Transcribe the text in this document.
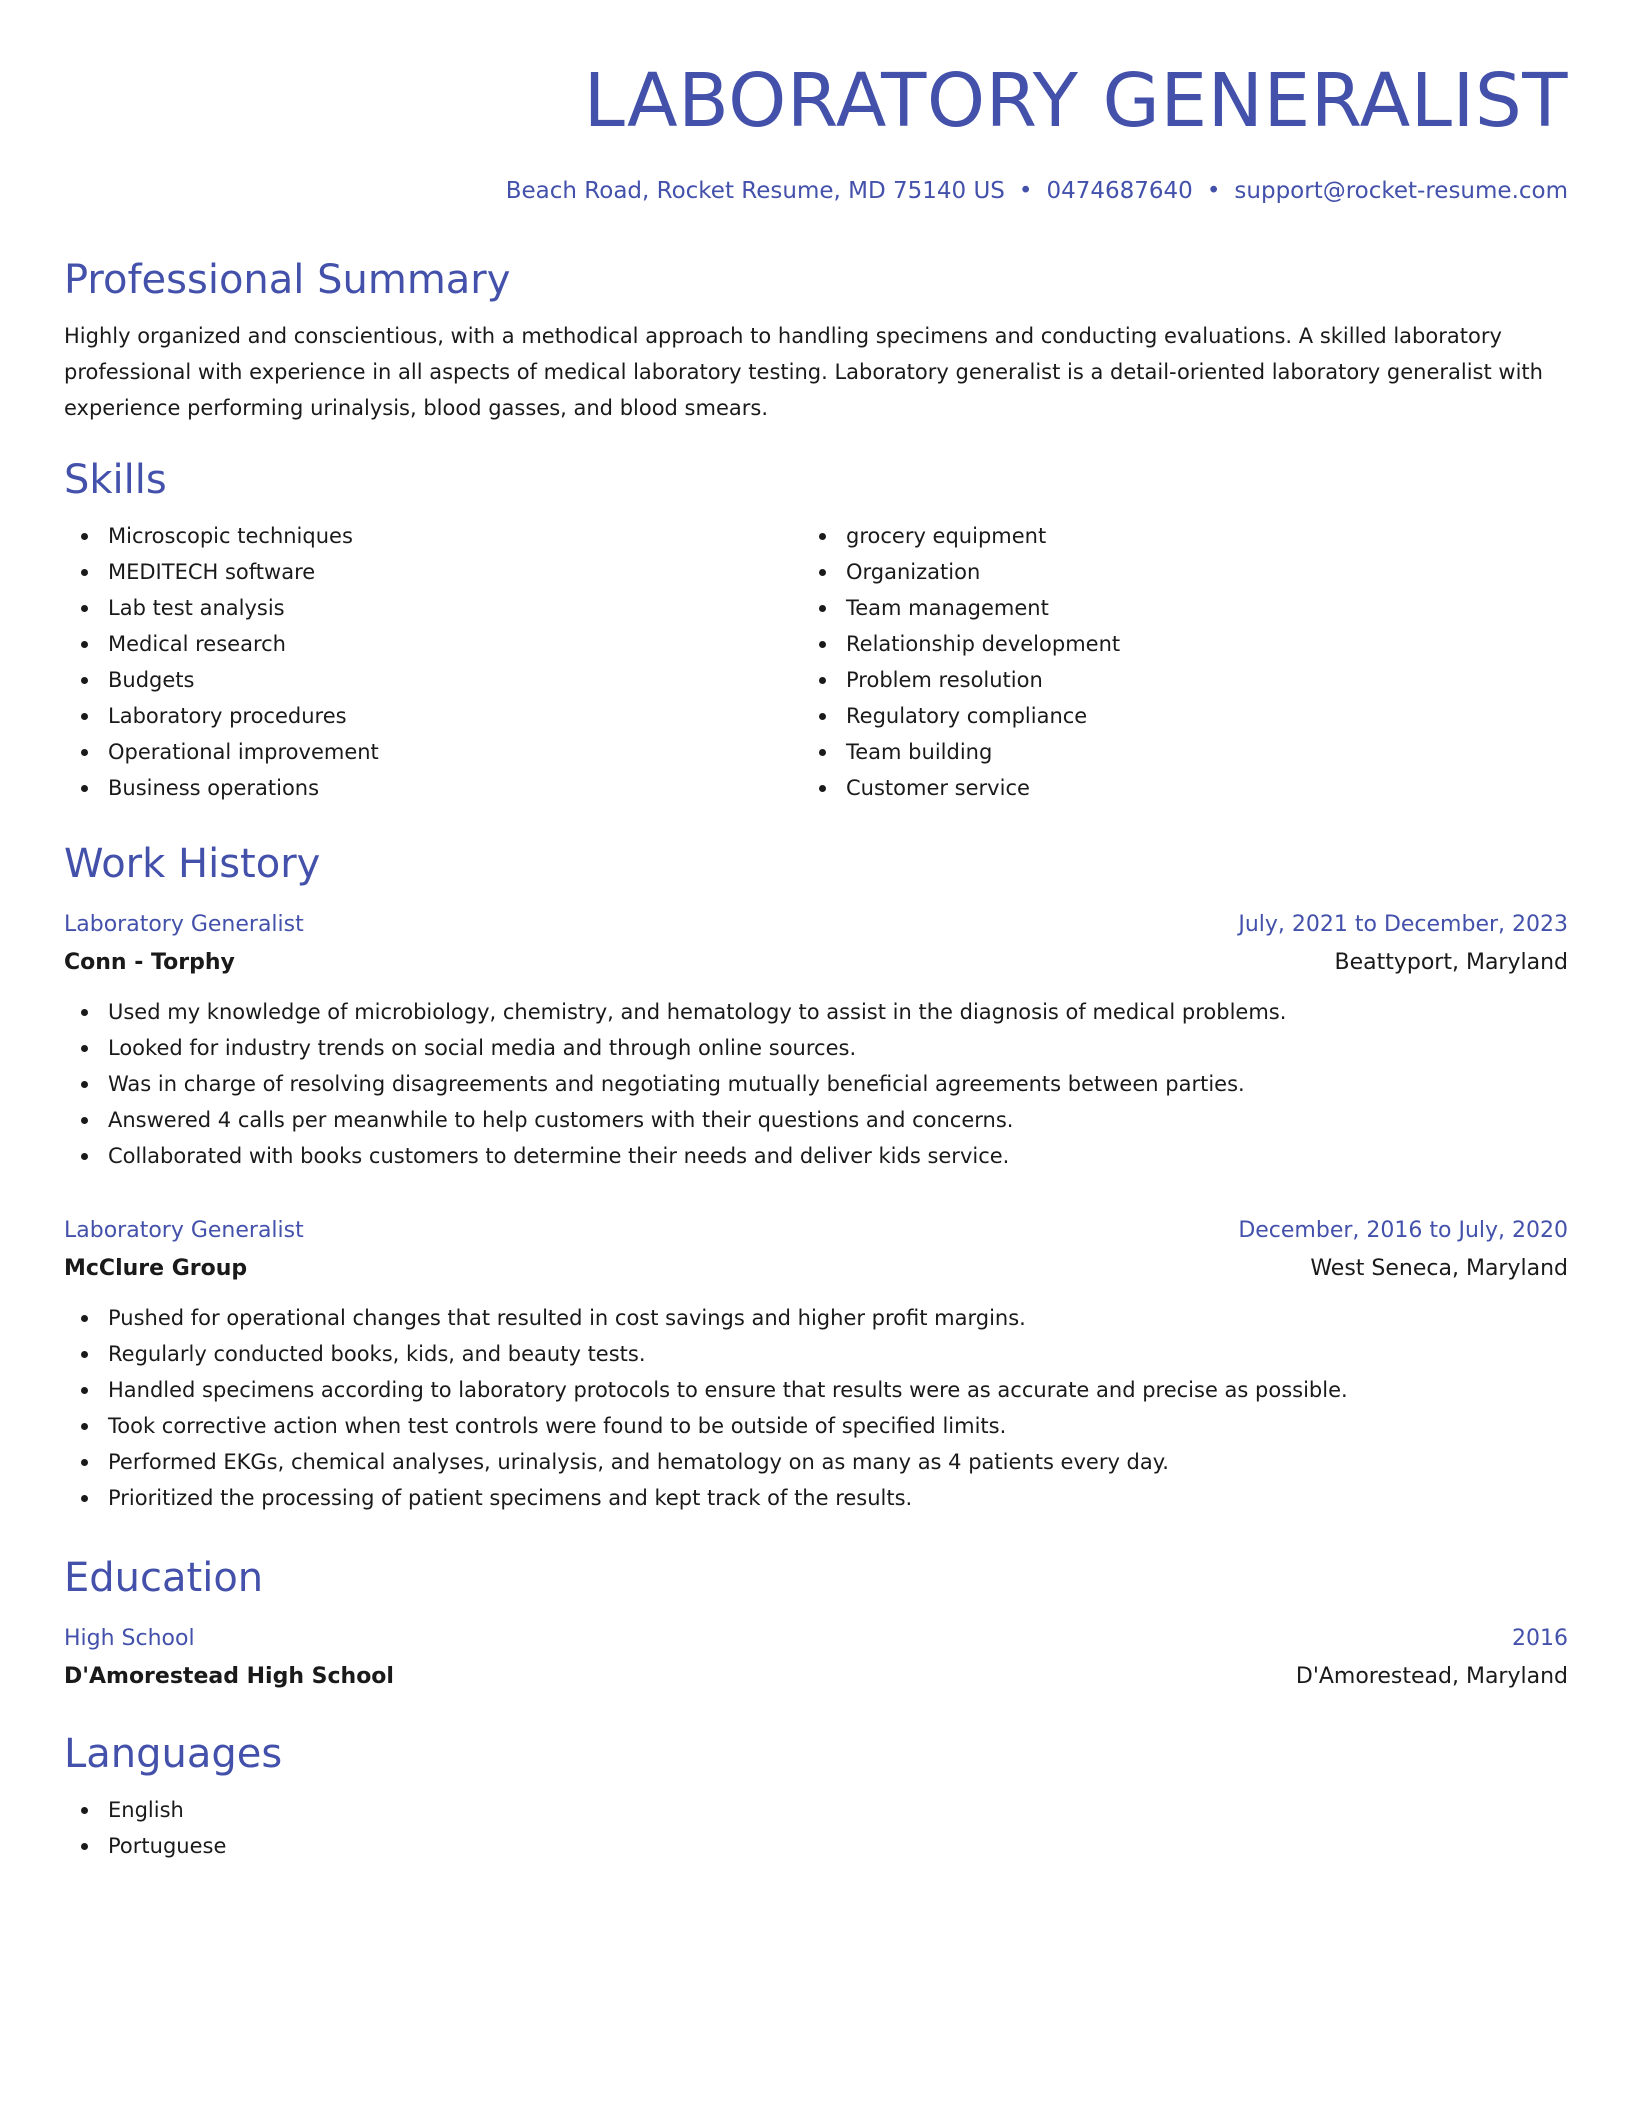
LABORATORY GENERALIST
Beach Road, Rocket Resume, MD 75140 US • 0474687640 • support@rocket-resume.com
Professional Summary

Highly organized and conscientious, with a methodical approach to handling specimens and conducting evaluations. A skilled laboratory professional with experience in all aspects of medical laboratory testing. Laboratory generalist is a detail-oriented laboratory generalist with experience performing urinalysis, blood gasses, and blood smears.

Skills
Microscopic techniques
MEDITECH software
Lab test analysis
Medical research
Budgets
Laboratory procedures
Operational improvement
Business operations
grocery equipment
Organization
Team management
Relationship development
Problem resolution
Regulatory compliance
Team building
Customer service
Work History
Laboratory Generalist	July, 2021 to December, 2023
Conn - Torphy	Beattyport, Maryland
Used my knowledge of microbiology, chemistry, and hematology to assist in the diagnosis of medical problems.
Looked for industry trends on social media and through online sources.
Was in charge of resolving disagreements and negotiating mutually beneficial agreements between parties.
Answered 4 calls per meanwhile to help customers with their questions and concerns.
Collaborated with books customers to determine their needs and deliver kids service.
Laboratory Generalist	December, 2016 to July, 2020
McClure Group	West Seneca, Maryland
Pushed for operational changes that resulted in cost savings and higher profit margins.
Regularly conducted books, kids, and beauty tests.
Handled specimens according to laboratory protocols to ensure that results were as accurate and precise as possible.
Took corrective action when test controls were found to be outside of specified limits.
Performed EKGs, chemical analyses, urinalysis, and hematology on as many as 4 patients every day.
Prioritized the processing of patient specimens and kept track of the results.
Education
High School	2016
D'Amorestead High School	D'Amorestead, Maryland
Languages
English
Portuguese
